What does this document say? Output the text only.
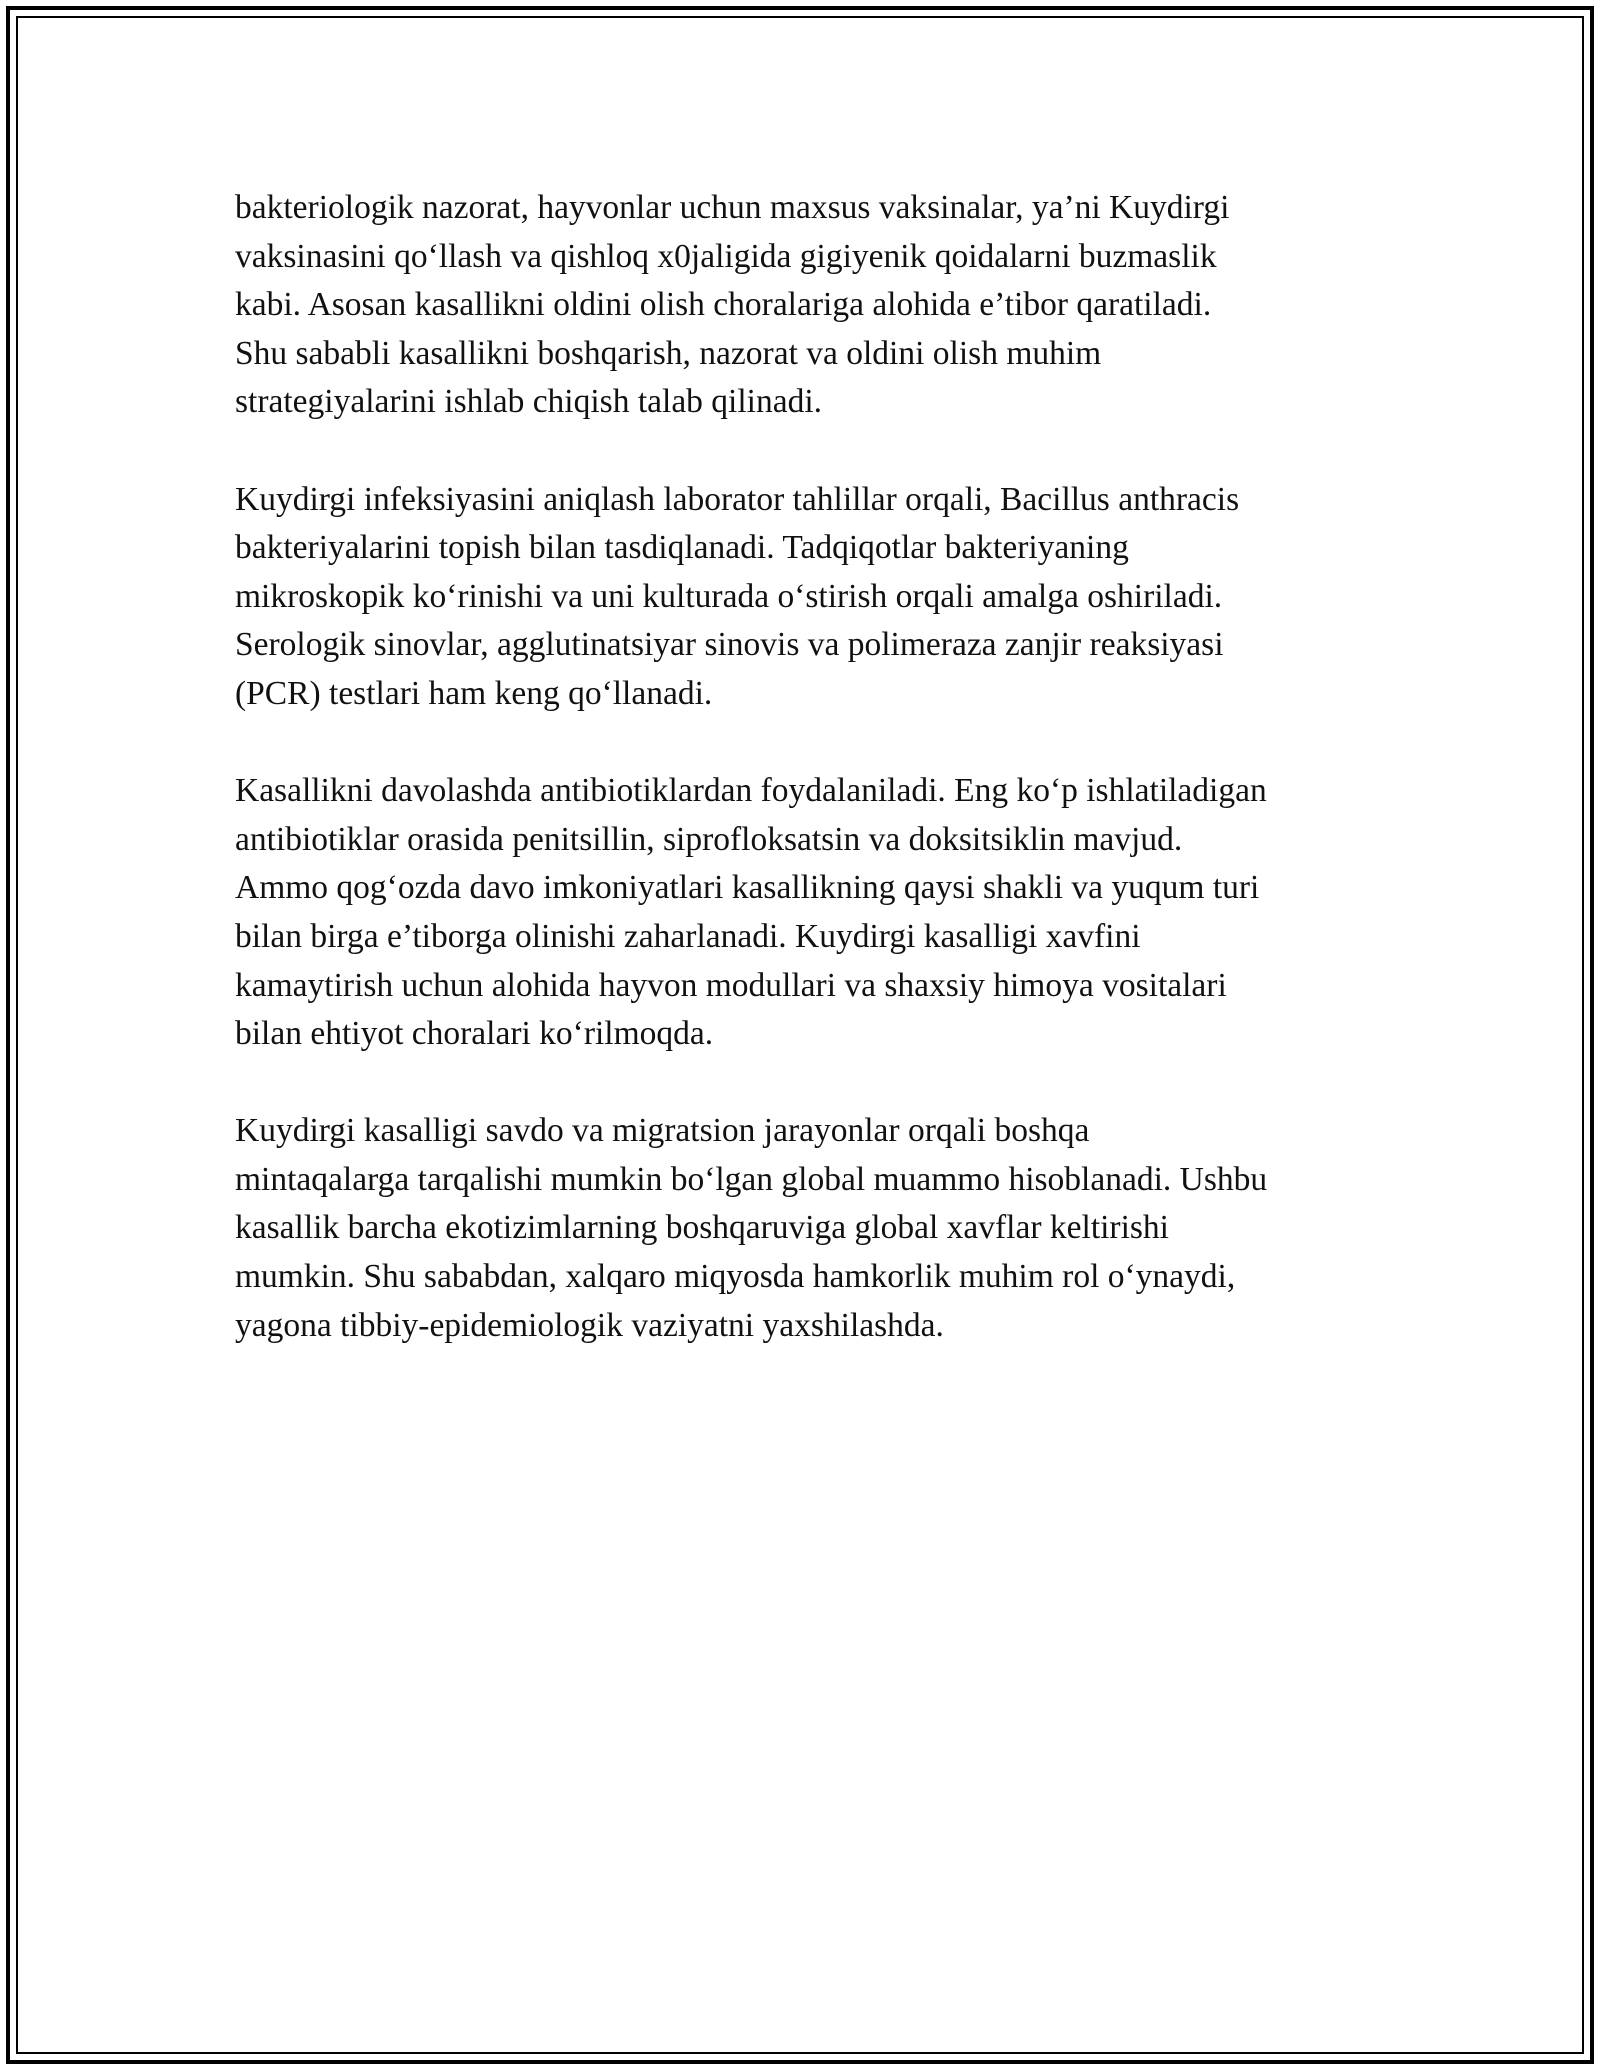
bakteriologik nazorat, hayvonlar uchun maxsus vaksinalar, ya’ni Kuydirgi
vaksinasini qo‘llash va qishloq x0jaligida gigiyenik qoidalarni buzmaslik
kabi. Asosan kasallikni oldini olish choralariga alohida e’tibor qaratiladi.
Shu sababli kasallikni boshqarish, nazorat va oldini olish muhim
strategiyalarini ishlab chiqish talab qilinadi.

Kuydirgi infeksiyasini aniqlash laborator tahlillar orqali, Bacillus anthracis
bakteriyalarini topish bilan tasdiqlanadi. Tadqiqotlar bakteriyaning
mikroskopik ko‘rinishi va uni kulturada o‘stirish orqali amalga oshiriladi.
Serologik sinovlar, agglutinatsiyar sinovis va polimeraza zanjir reaksiyasi
(PCR) testlari ham keng qo‘llanadi.

Kasallikni davolashda antibiotiklardan foydalaniladi. Eng ko‘p ishlatiladigan
antibiotiklar orasida penitsillin, siprofloksatsin va doksitsiklin mavjud.
Ammo qog‘ozda davo imkoniyatlari kasallikning qaysi shakli va yuqum turi
bilan birga e’tiborga olinishi zaharlanadi. Kuydirgi kasalligi xavfini
kamaytirish uchun alohida hayvon modullari va shaxsiy himoya vositalari
bilan ehtiyot choralari ko‘rilmoqda.

Kuydirgi kasalligi savdo va migratsion jarayonlar orqali boshqa
mintaqalarga tarqalishi mumkin bo‘lgan global muammo hisoblanadi. Ushbu
kasallik barcha ekotizimlarning boshqaruviga global xavflar keltirishi
mumkin. Shu sababdan, xalqaro miqyosda hamkorlik muhim rol o‘ynaydi,
yagona tibbiy-epidemiologik vaziyatni yaxshilashda.
